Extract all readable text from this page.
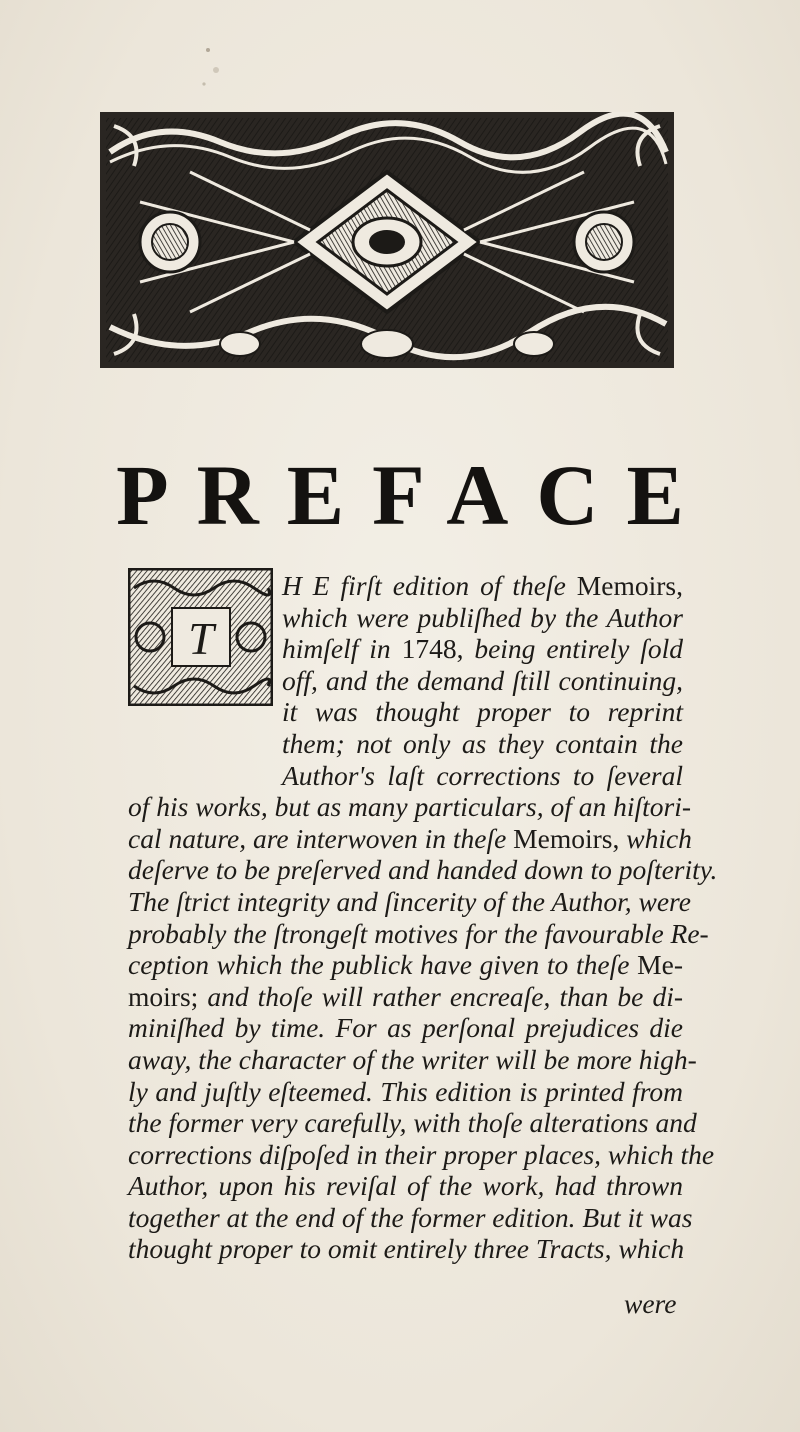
PREFACE
T
H E firſt edition of theſe Memoirs,
which were publiſhed by the Author
himſelf in 1748, being entirely ſold
off, and the demand ſtill continuing,
it was thought proper to reprint
them; not only as they contain the
Author's laſt corrections to ſeveral
of his works, but as many particulars, of an hiſtori-
cal nature, are interwoven in theſe Memoirs, which
deſerve to be preſerved and handed down to poſterity.
The ſtrict integrity and ſincerity of the Author, were
probably the ſtrongeſt motives for the favourable Re-
ception which the publick have given to theſe Me-
moirs; and thoſe will rather encreaſe, than be di-
miniſhed by time. For as perſonal prejudices die
away, the character of the writer will be more high-
ly and juſtly eſteemed. This edition is printed from
the former very carefully, with thoſe alterations and
corrections diſpoſed in their proper places, which the
Author, upon his reviſal of the work, had thrown
together at the end of the former edition. But it was
thought proper to omit entirely three Tracts, which
were
